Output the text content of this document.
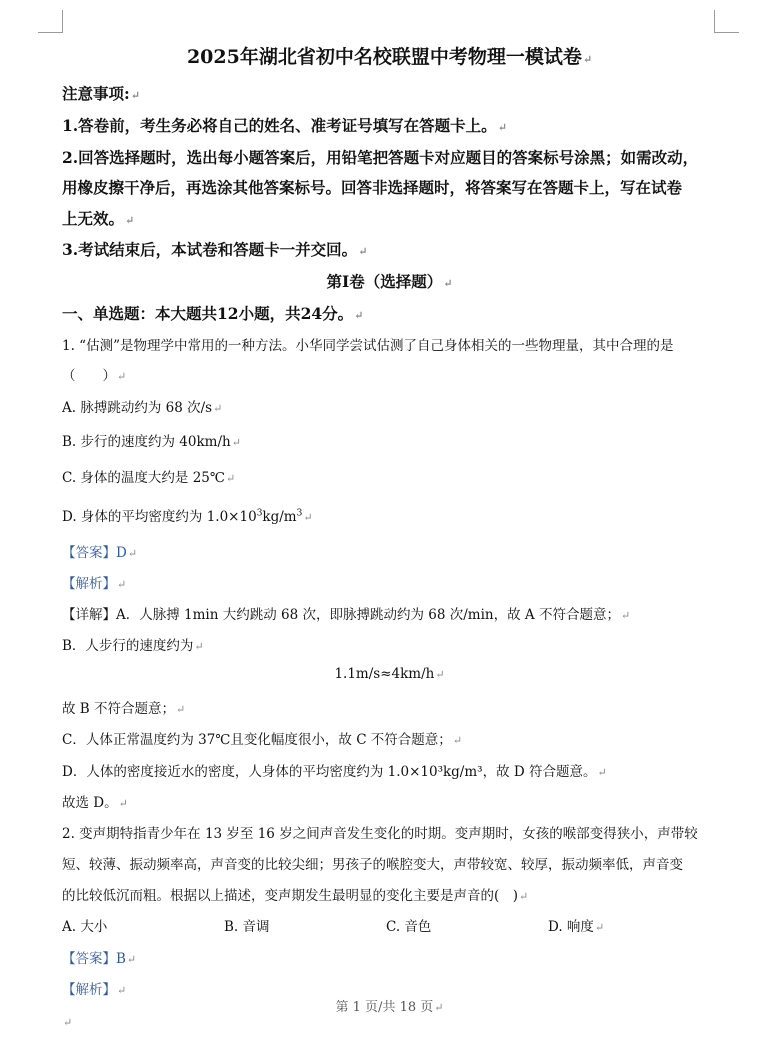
2025年湖北省初中名校联盟中考物理一模试卷↵
注意事项:↵
1.答卷前，考生务必将自己的姓名、准考证号填写在答题卡上。↵
2.回答选择题时，选出每小题答案后，用铅笔把答题卡对应题目的答案标号涂黑；如需改动，
用橡皮擦干净后，再选涂其他答案标号。回答非选择题时，将答案写在答题卡上，写在试卷
上无效。↵
3.考试结束后，本试卷和答题卡一并交回。↵
第I卷（选择题）↵
一、单选题：本大题共12小题，共24分。↵
1. “估测”是物理学中常用的一种方法。小华同学尝试估测了自己身体相关的一些物理量，其中合理的是
（　　）↵
A. 脉搏跳动约为 68 次/s↵
B. 步行的速度约为 40km/h↵
C. 身体的温度大约是 25℃↵
D. 身体的平均密度约为 $1.0\times 10^3kg/m^3↵$
【答案】D↵
【解析】↵
【详解】A．人脉搏 1min 大约跳动 68 次，即脉搏跳动约为 68 次/min，故 A 不符合题意；↵
B．人步行的速度约为↵
1.1m/s≈4km/h↵
故 B 不符合题意；↵
C．人体正常温度约为 37℃且变化幅度很小，故 C 不符合题意；↵
D．人体的密度接近水的密度，人身体的平均密度约为 1.0×10³kg/m³，故 D 符合题意。↵
故选 D。↵
2. 变声期特指青少年在 13 岁至 16 岁之间声音发生变化的时期。变声期时，女孩的喉部变得狭小，声带较
短、较薄、振动频率高，声音变的比较尖细；男孩子的喉腔变大，声带较宽、较厚，振动频率低，声音变
的比较低沉而粗。根据以上描述，变声期发生最明显的变化主要是声音的(　)↵
A. 大小	B. 音调	C. 音色	D. 响度↵
【答案】B↵
【解析】↵
第 1 页/共 18 页↵
↵
